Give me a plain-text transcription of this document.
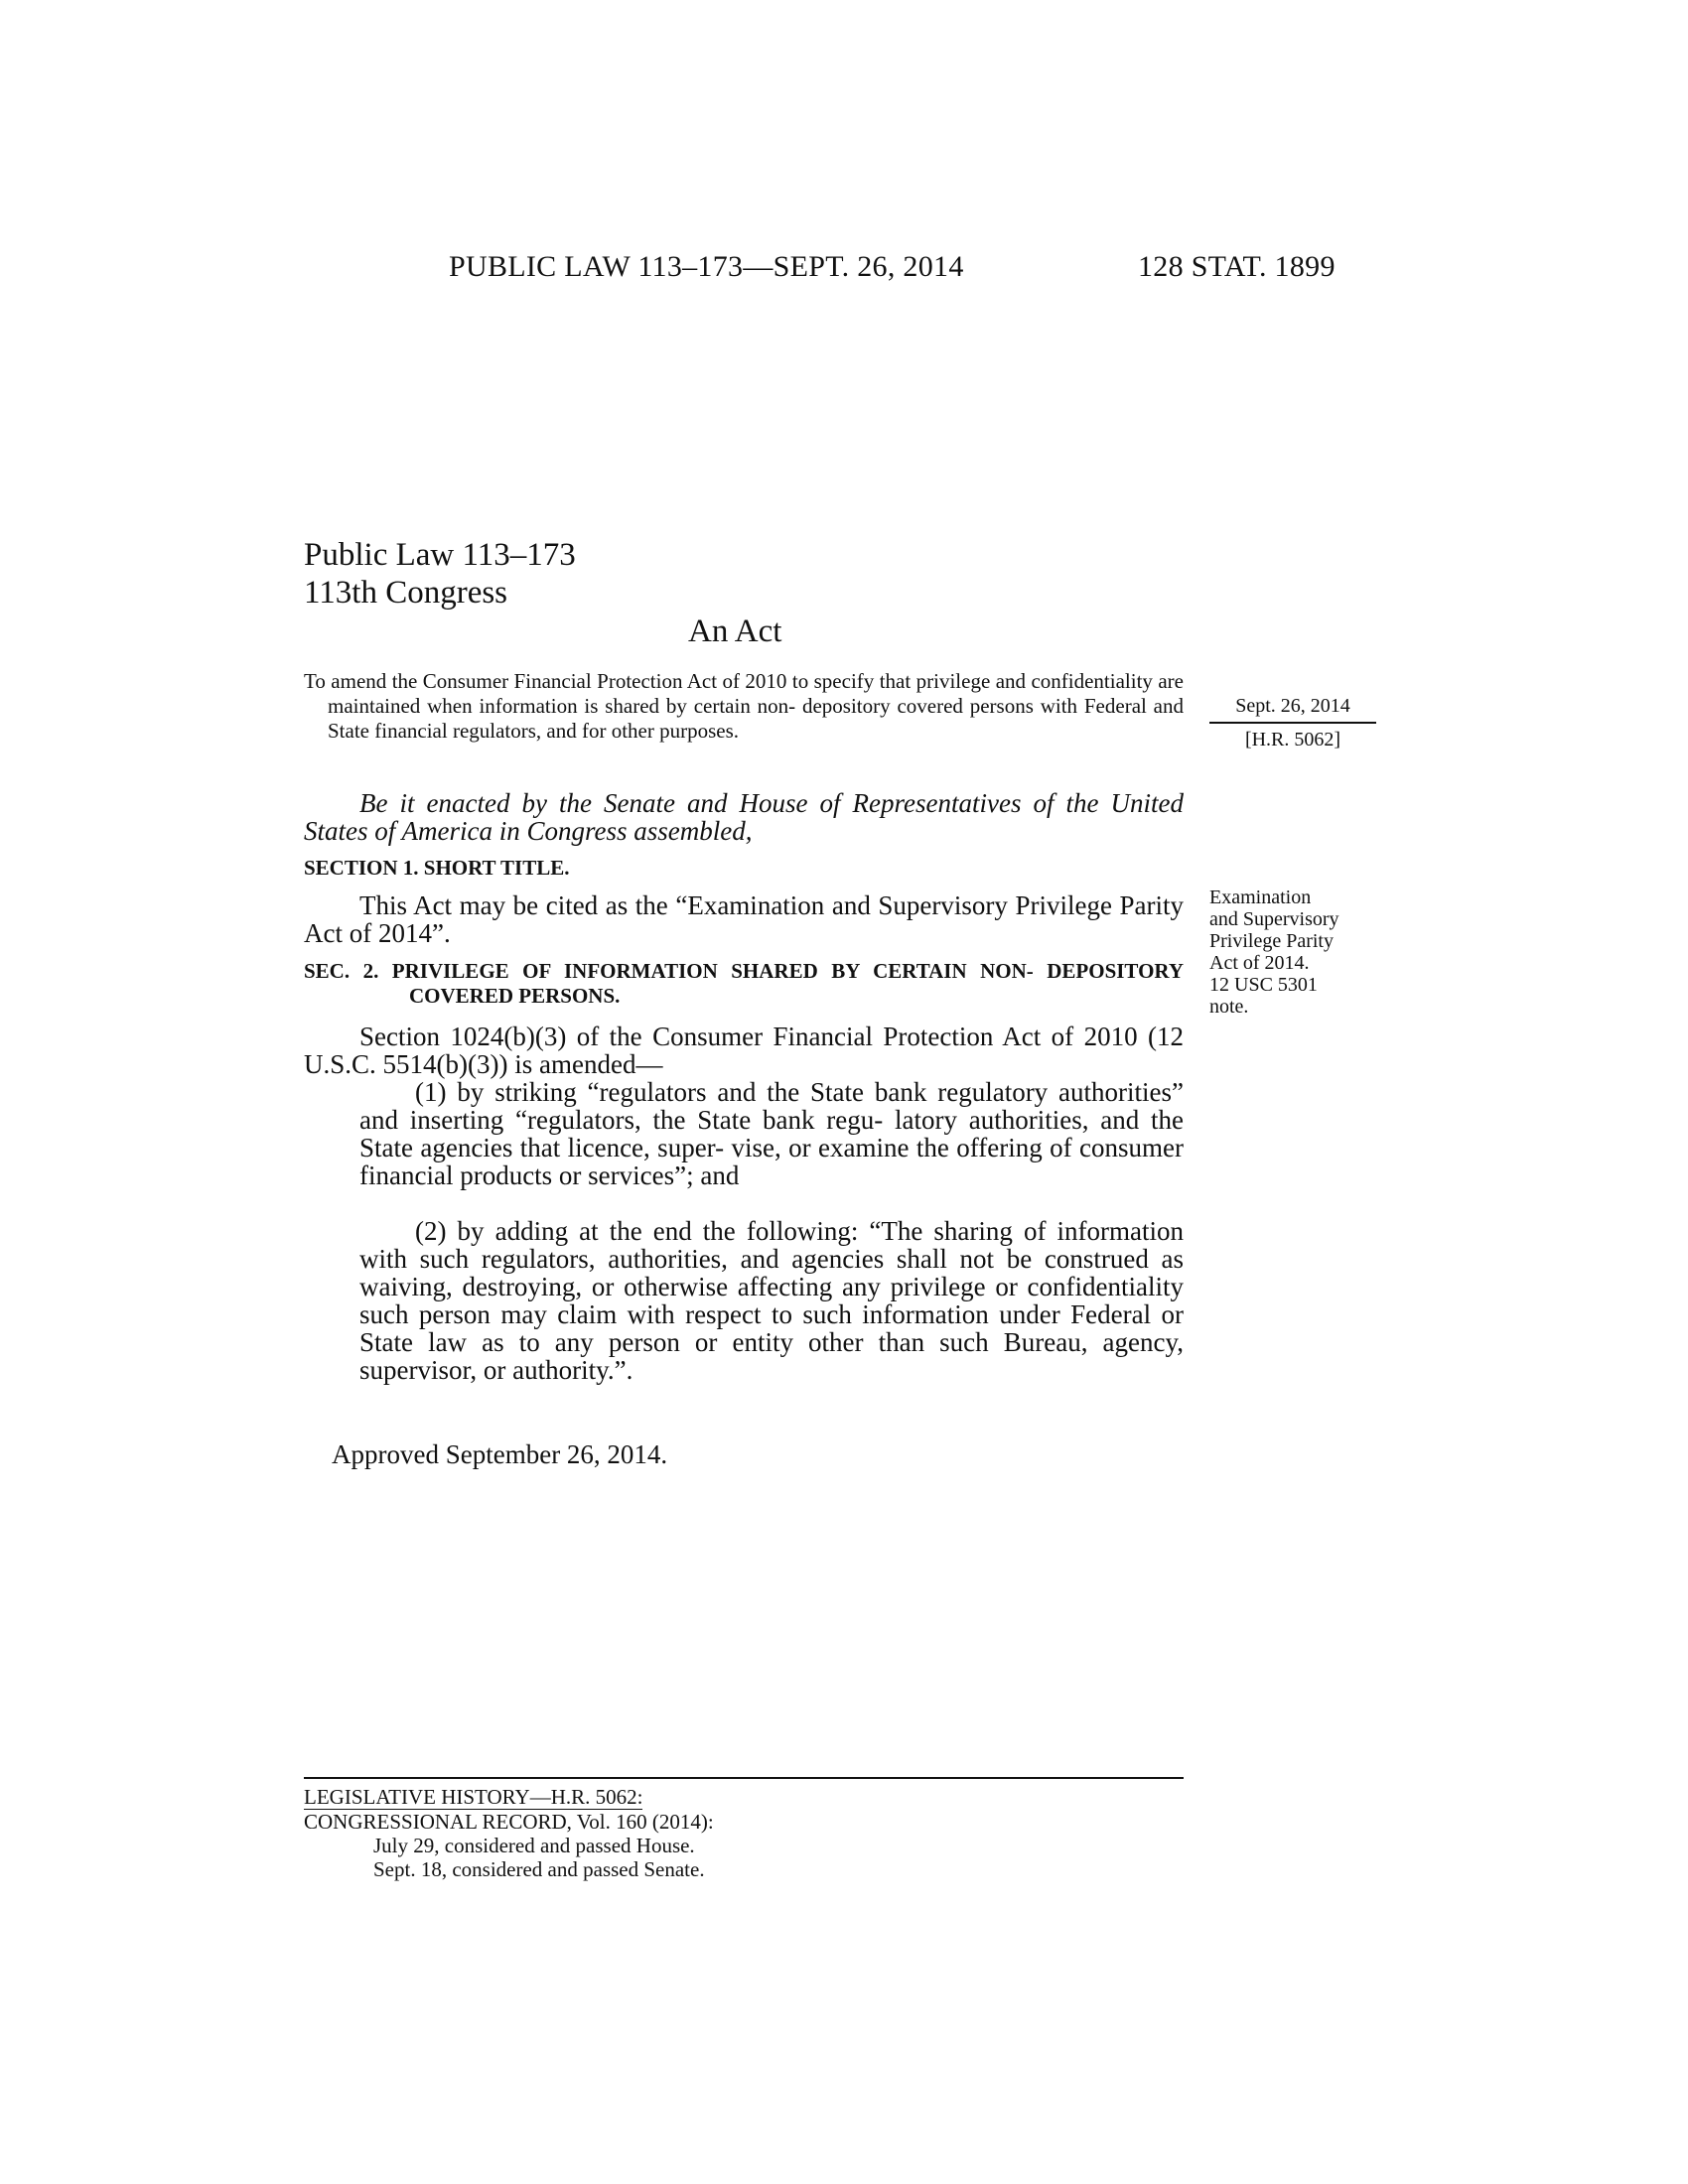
PUBLIC LAW 113–173—SEPT. 26, 2014	128 STAT. 1899
Public Law 113–173
113th Congress
An Act
To amend the Consumer Financial Protection Act of 2010 to specify that privilege and confidentiality are maintained when information is shared by certain non- depository covered persons with Federal and State financial regulators, and for other purposes.
Sept. 26, 2014
[H.R. 5062]
Examination
and Supervisory
Privilege Parity
Act of 2014.
12 USC 5301
note.
Be it enacted by the Senate and House of Representatives of the United States of America in Congress assembled,
SECTION 1. SHORT TITLE.
This Act may be cited as the “Examination and Supervisory Privilege Parity Act of 2014”.
SEC. 2. PRIVILEGE OF INFORMATION SHARED BY CERTAIN NON- DEPOSITORY COVERED PERSONS.
Section 1024(b)(3) of the Consumer Financial Protection Act of 2010 (12 U.S.C. 5514(b)(3)) is amended—
(1) by striking “regulators and the State bank regulatory authorities” and inserting “regulators, the State bank regu- latory authorities, and the State agencies that licence, super- vise, or examine the offering of consumer financial products or services”; and
(2) by adding at the end the following: “The sharing of information with such regulators, authorities, and agencies shall not be construed as waiving, destroying, or otherwise affecting any privilege or confidentiality such person may claim with respect to such information under Federal or State law as to any person or entity other than such Bureau, agency, supervisor, or authority.”.
Approved September 26, 2014.
LEGISLATIVE HISTORY—H.R. 5062:
CONGRESSIONAL RECORD, Vol. 160 (2014):
July 29, considered and passed House.
Sept. 18, considered and passed Senate.
